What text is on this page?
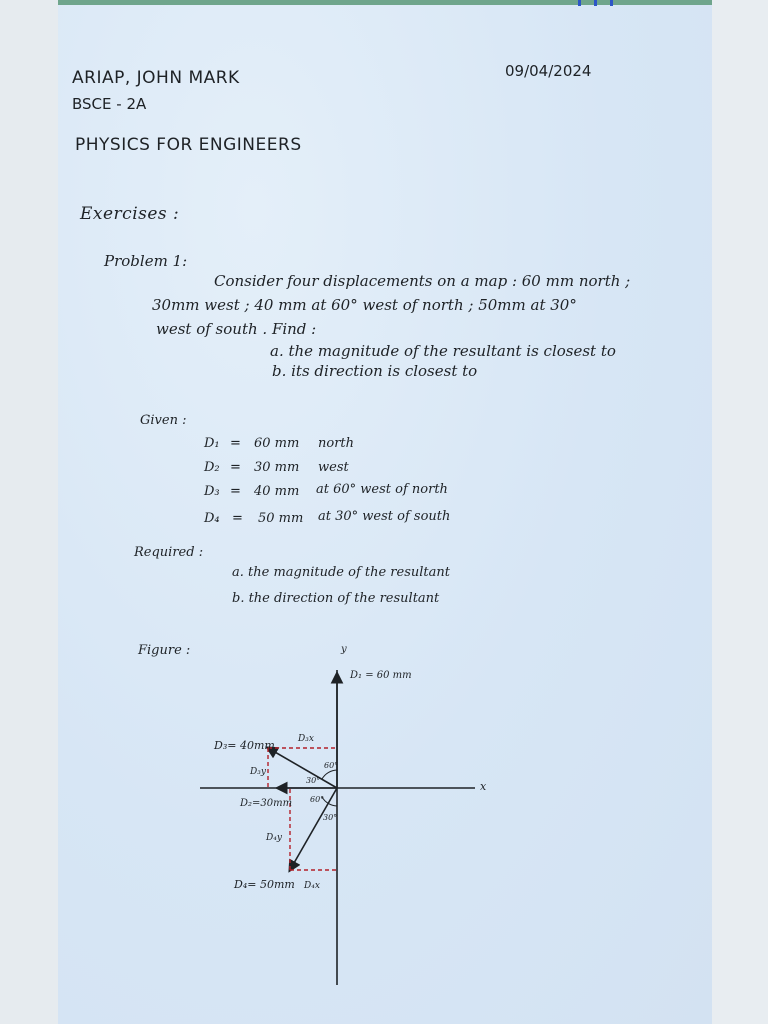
ARIAP, JOHN MARK
BSCE - 2A
09/04/2024
PHYSICS FOR ENGINEERS
Exercises :
Problem 1:
Consider four displacements on a map : 60 mm north ;
30mm west ; 40 mm at 60° west of north ; 50mm at 30°
west of south . Find :
a. the magnitude of the resultant is closest to
b. its direction is closest to
Given :
D₁ = 60 mm north
D₂ = 30 mm west
D₃ = 40 mm at 60° west of north
D₄ = 50 mm at 30° west of south
Required :
a. the magnitude of the resultant
b. the direction of the resultant
Figure :	y
x
D₁ = 60 mm
D₃= 40mm	D₃x
D₃y
60°
30°
D₂=30mm 60°
30°
D₄y
D₄= 50mm D₄x
